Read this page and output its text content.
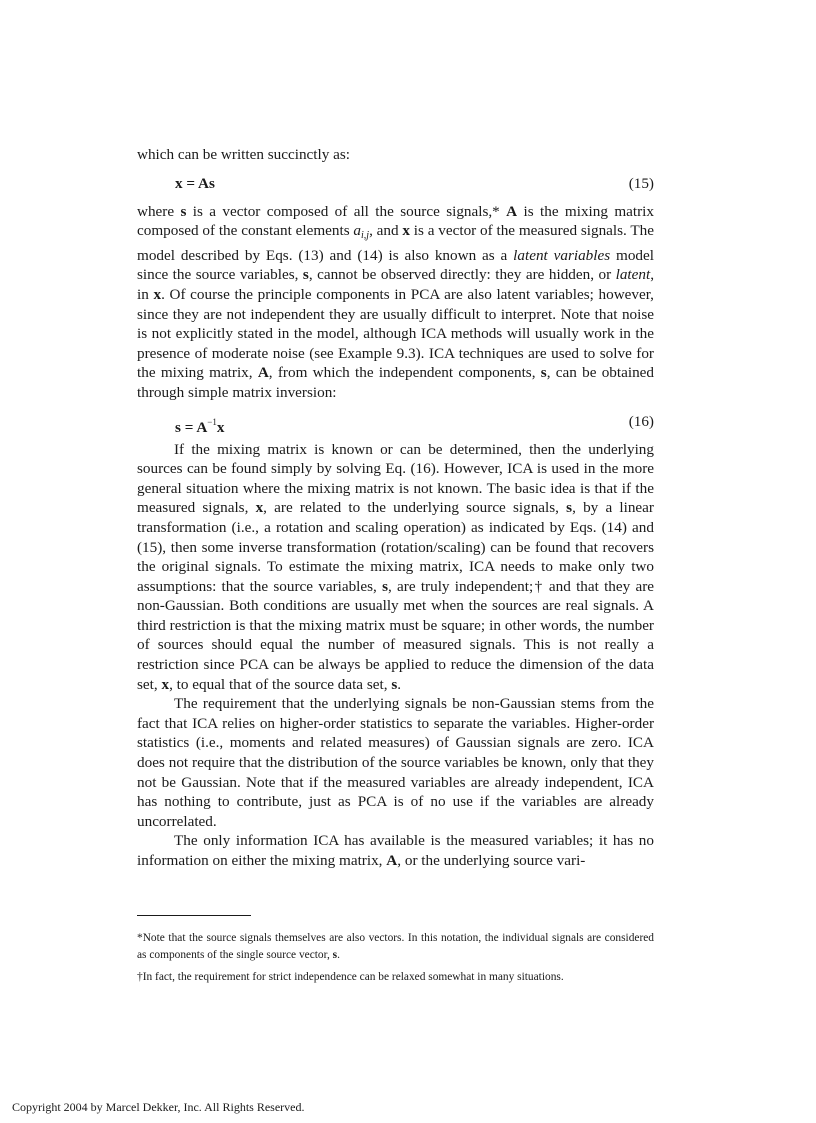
which can be written succinctly as:

x = As	(15)

where s is a vector composed of all the source signals,* A is the mixing matrix composed of the constant elements $a_{i,j}$, and x is a vector of the measured signals. The model described by Eqs. (13) and (14) is also known as a latent variables model since the source variables, s, cannot be observed directly: they are hidden, or latent, in x. Of course the principle components in PCA are also latent variables; however, since they are not independent they are usually difficult to interpret. Note that noise is not explicitly stated in the model, although ICA methods will usually work in the presence of moderate noise (see Example 9.3). ICA techniques are used to solve for the mixing matrix, A, from which the independent components, s, can be obtained through simple matrix inversion:

$s = A^{-1}x$	(16)

If the mixing matrix is known or can be determined, then the underlying sources can be found simply by solving Eq. (16). However, ICA is used in the more general situation where the mixing matrix is not known. The basic idea is that if the measured signals, x, are related to the underlying source signals, s, by a linear transformation (i.e., a rotation and scaling operation) as indicated by Eqs. (14) and (15), then some inverse transformation (rotation/scaling) can be found that recovers the original signals. To estimate the mixing matrix, ICA needs to make only two assumptions: that the source variables, s, are truly independent;† and that they are non-Gaussian. Both conditions are usually met when the sources are real signals. A third restriction is that the mixing matrix must be square; in other words, the number of sources should equal the number of measured signals. This is not really a restriction since PCA can be always be applied to reduce the dimension of the data set, x, to equal that of the source data set, s.

The requirement that the underlying signals be non-Gaussian stems from the fact that ICA relies on higher-order statistics to separate the variables. Higher-order statistics (i.e., moments and related measures) of Gaussian signals are zero. ICA does not require that the distribution of the source variables be known, only that they not be Gaussian. Note that if the measured variables are already independent, ICA has nothing to contribute, just as PCA is of no use if the variables are already uncorrelated.

The only information ICA has available is the measured variables; it has no information on either the mixing matrix, A, or the underlying source vari-

*Note that the source signals themselves are also vectors. In this notation, the individual signals are considered as components of the single source vector, s.

†In fact, the requirement for strict independence can be relaxed somewhat in many situations.

Copyright 2004 by Marcel Dekker, Inc. All Rights Reserved.
